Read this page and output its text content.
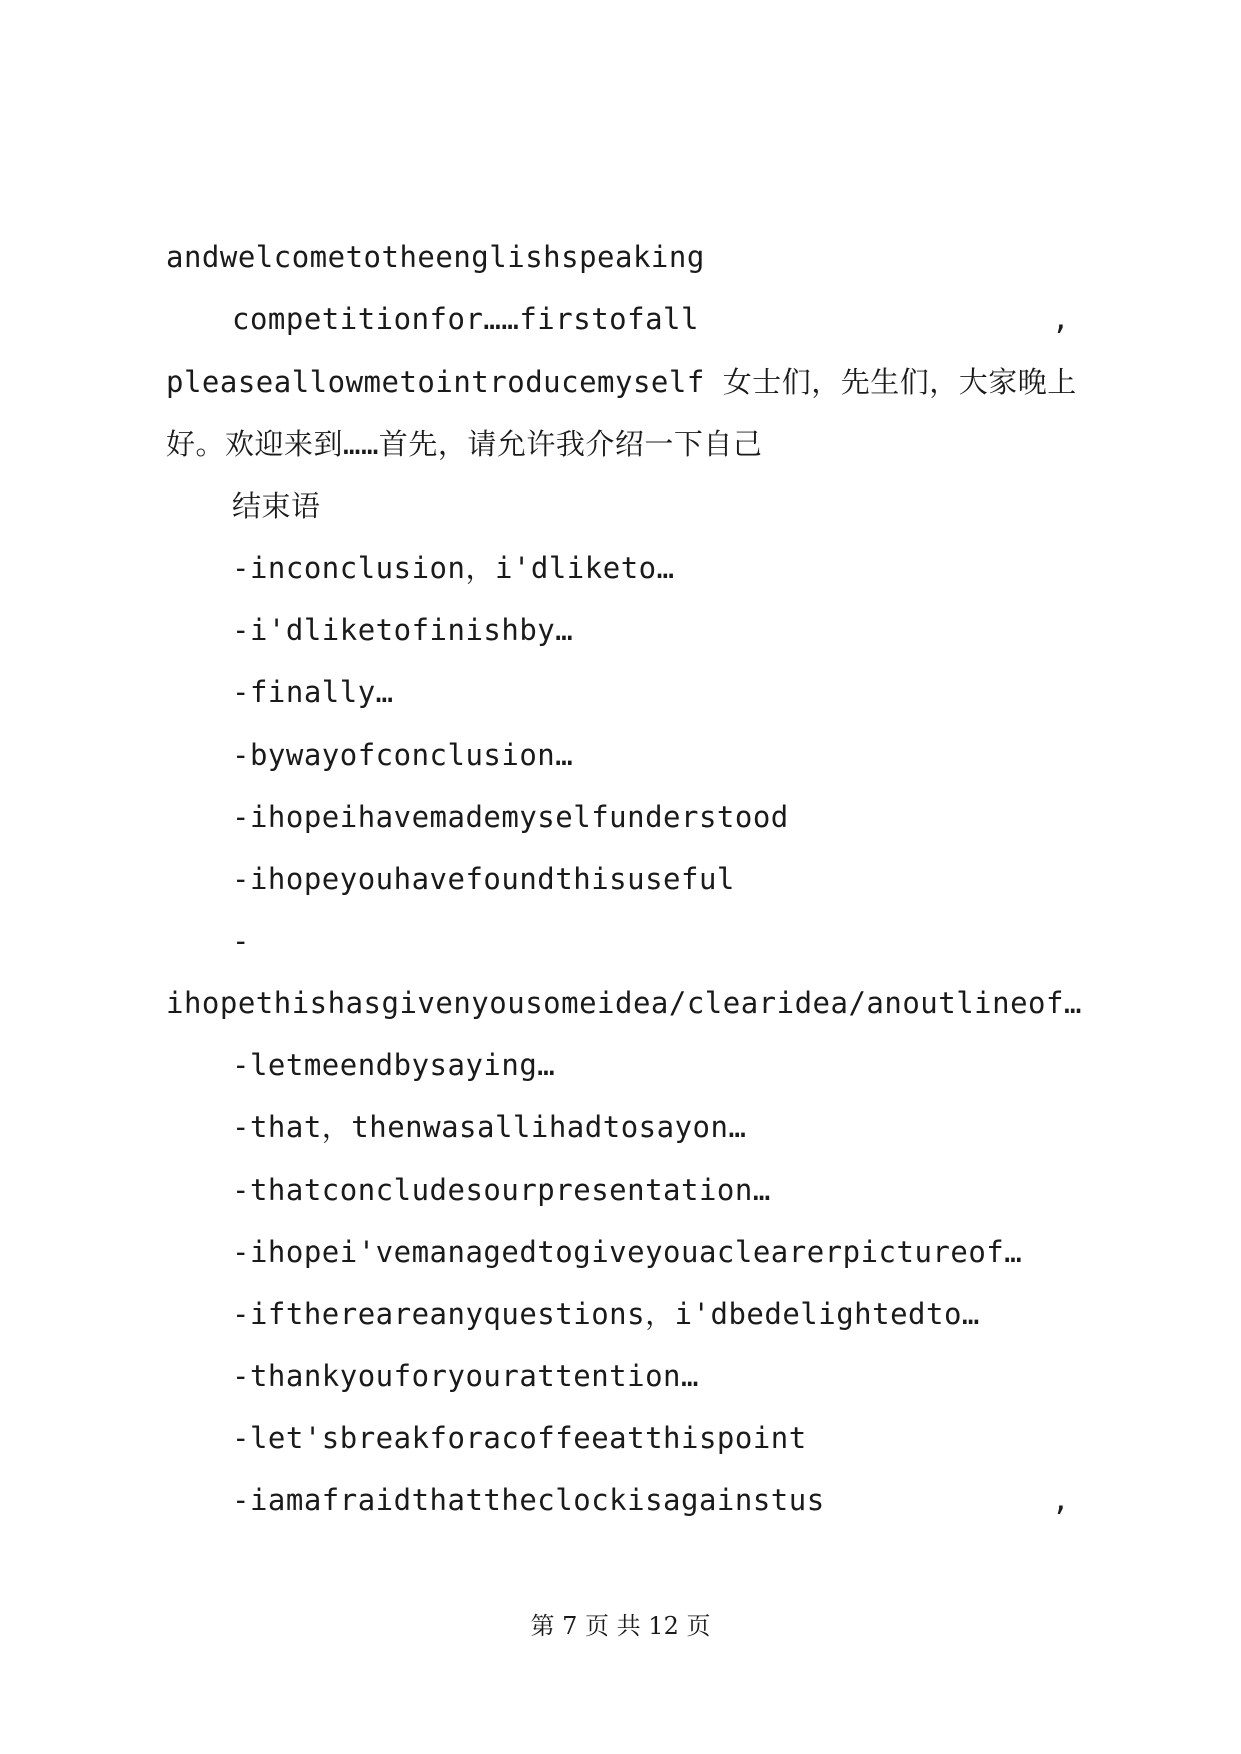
andwelcometotheenglishspeaking
competitionfor……firstofall	,
pleaseallowmetointroducemyself 女士们，先生们，大家晚上
好。欢迎来到……首先，请允许我介绍一下自己
结束语
-inconclusion，i'dliketo…
-i'dliketofinishby…
-finally…
-bywayofconclusion…
-ihopeihavemademyselfunderstood
-ihopeyouhavefoundthisuseful
-
ihopethishasgivenyousomeidea/clearidea/anoutlineof…
-letmeendbysaying…
-that，thenwasallihadtosayon…
-thatconcludesourpresentation…
-ihopei'vemanagedtogiveyouaclearerpictureof…
-ifthereareanyquestions，i'dbedelightedto…
-thankyouforyourattention…
-let'sbreakforacoffeeatthispoint
-iamafraidthattheclockisagainstus	,
第 7 页 共 12 页
